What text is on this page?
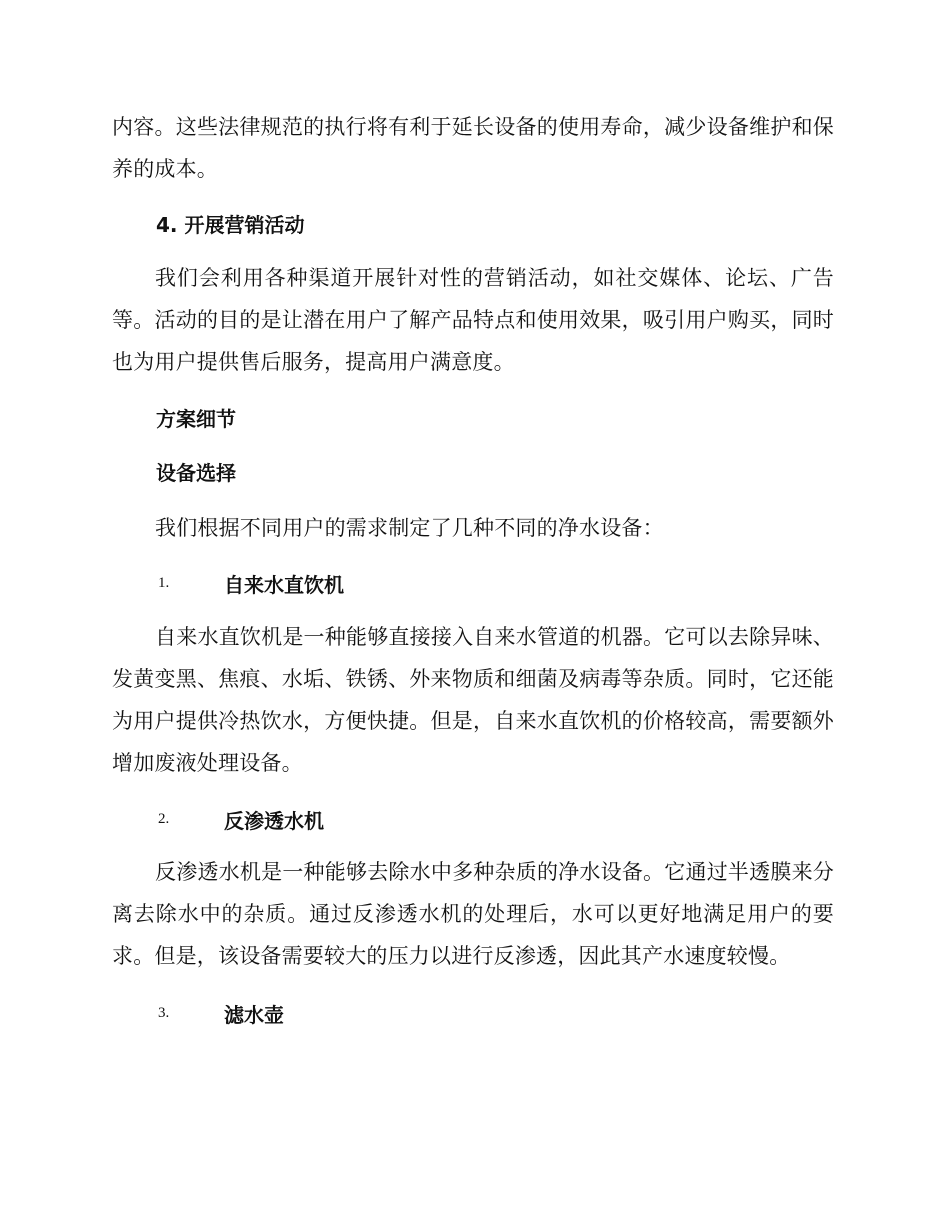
内容。这些法律规范的执行将有利于延长设备的使用寿命，减少设备维护和保养的成本。

4. 开展营销活动

我们会利用各种渠道开展针对性的营销活动，如社交媒体、论坛、广告等。活动的目的是让潜在用户了解产品特点和使用效果，吸引用户购买，同时也为用户提供售后服务，提高用户满意度。

方案细节
设备选择

我们根据不同用户的需求制定了几种不同的净水设备：

1.	自来水直饮机

自来水直饮机是一种能够直接接入自来水管道的机器。它可以去除异味、发黄变黑、焦痕、水垢、铁锈、外来物质和细菌及病毒等杂质。同时，它还能为用户提供冷热饮水，方便快捷。但是，自来水直饮机的价格较高，需要额外增加废液处理设备。

2.	反渗透水机

反渗透水机是一种能够去除水中多种杂质的净水设备。它通过半透膜来分离去除水中的杂质。通过反渗透水机的处理后，水可以更好地满足用户的要求。但是，该设备需要较大的压力以进行反渗透，因此其产水速度较慢。

3.	滤水壶
